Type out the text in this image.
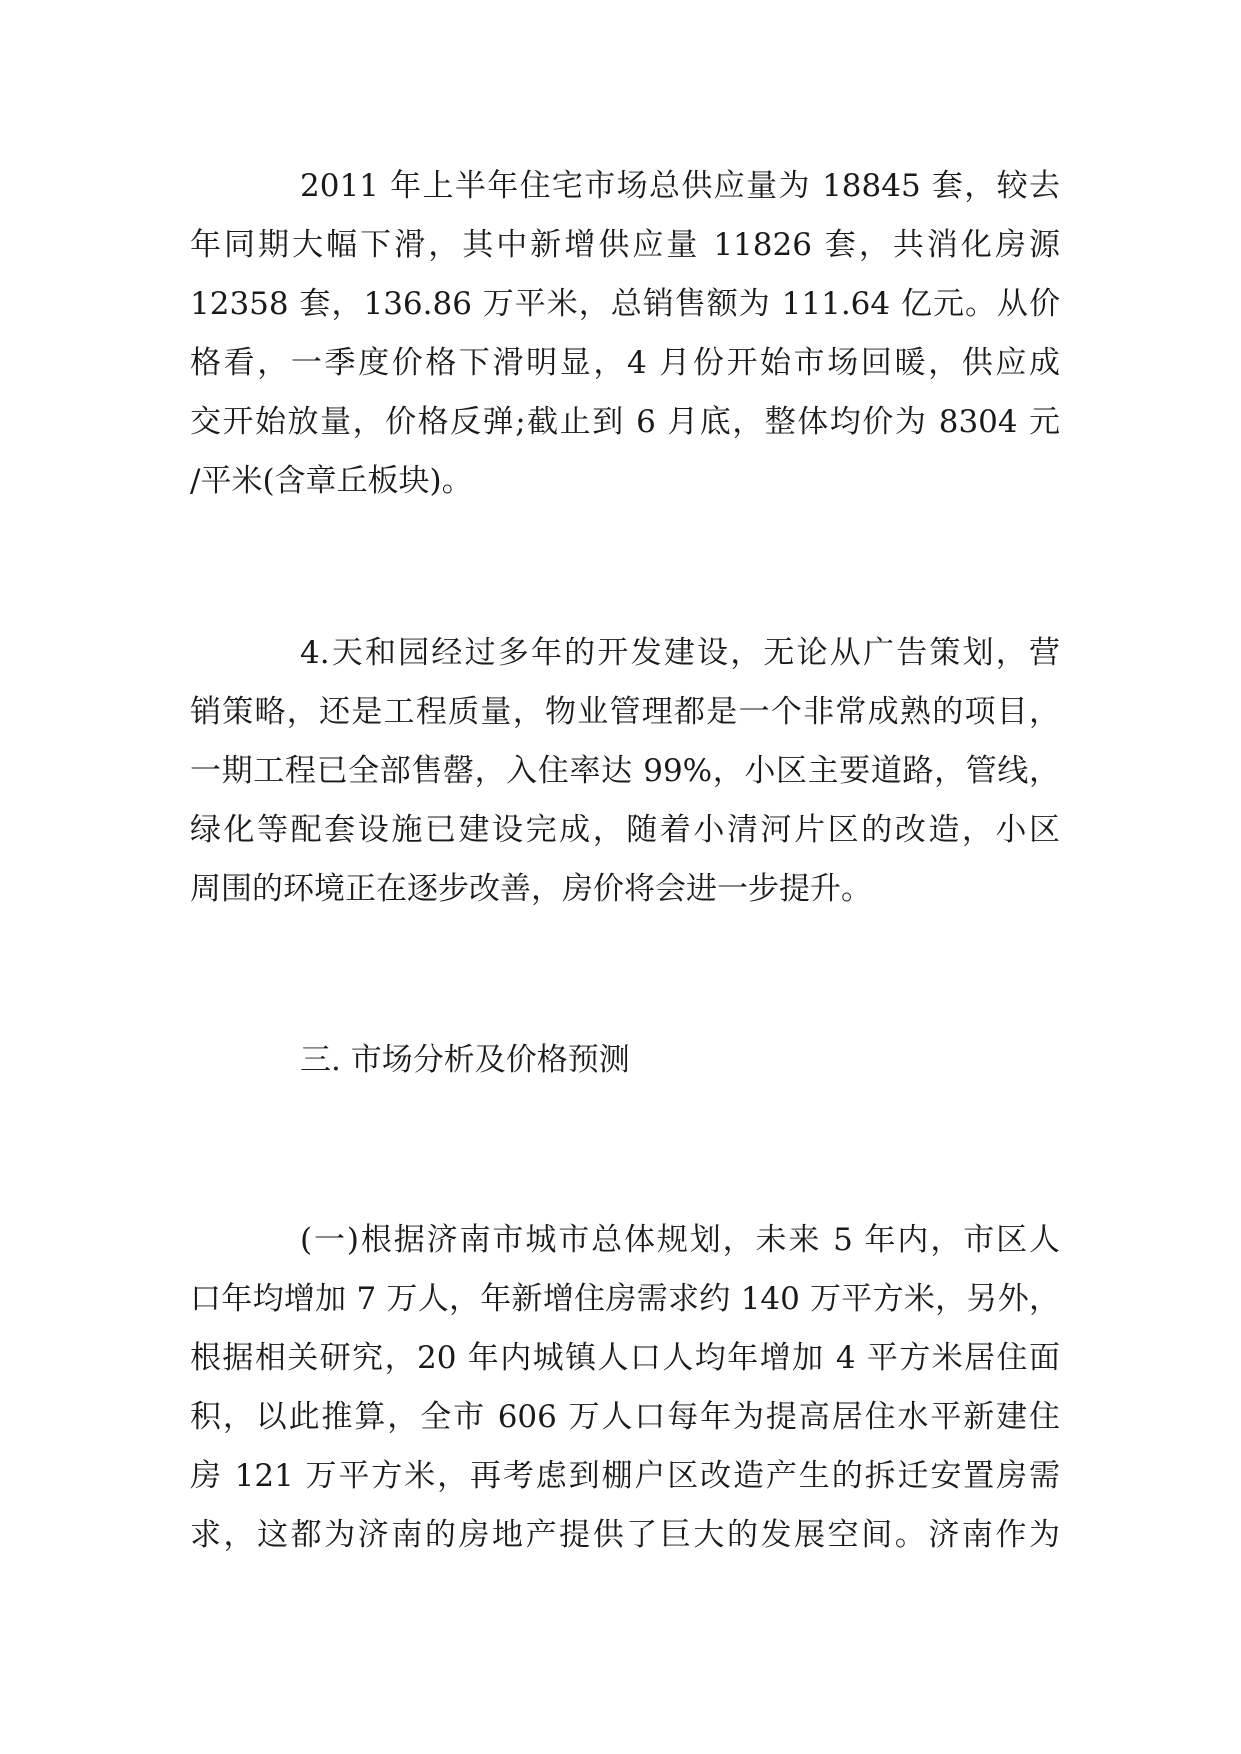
2011 年上半年住宅市场总供应量为 18845 套，较去
年同期大幅下滑，其中新增供应量 11826 套，共消化房源
12358 套，136.86 万平米，总销售额为 111.64 亿元。从价
格看，一季度价格下滑明显，4 月份开始市场回暖，供应成
交开始放量，价格反弹;截止到 6 月底，整体均价为 8304 元
/平米(含章丘板块)。
4.天和园经过多年的开发建设，无论从广告策划，营
销策略，还是工程质量，物业管理都是一个非常成熟的项目，
一期工程已全部售罄，入住率达 99%，小区主要道路，管线，
绿化等配套设施已建设完成，随着小清河片区的改造，小区
周围的环境正在逐步改善，房价将会进一步提升。
三. 市场分析及价格预测
(一)根据济南市城市总体规划，未来 5 年内，市区人
口年均增加 7 万人，年新增住房需求约 140 万平方米，另外，
根据相关研究，20 年内城镇人口人均年增加 4 平方米居住面
积，以此推算，全市 606 万人口每年为提高居住水平新建住
房 121 万平方米，再考虑到棚户区改造产生的拆迁安置房需
求，这都为济南的房地产提供了巨大的发展空间。济南作为
